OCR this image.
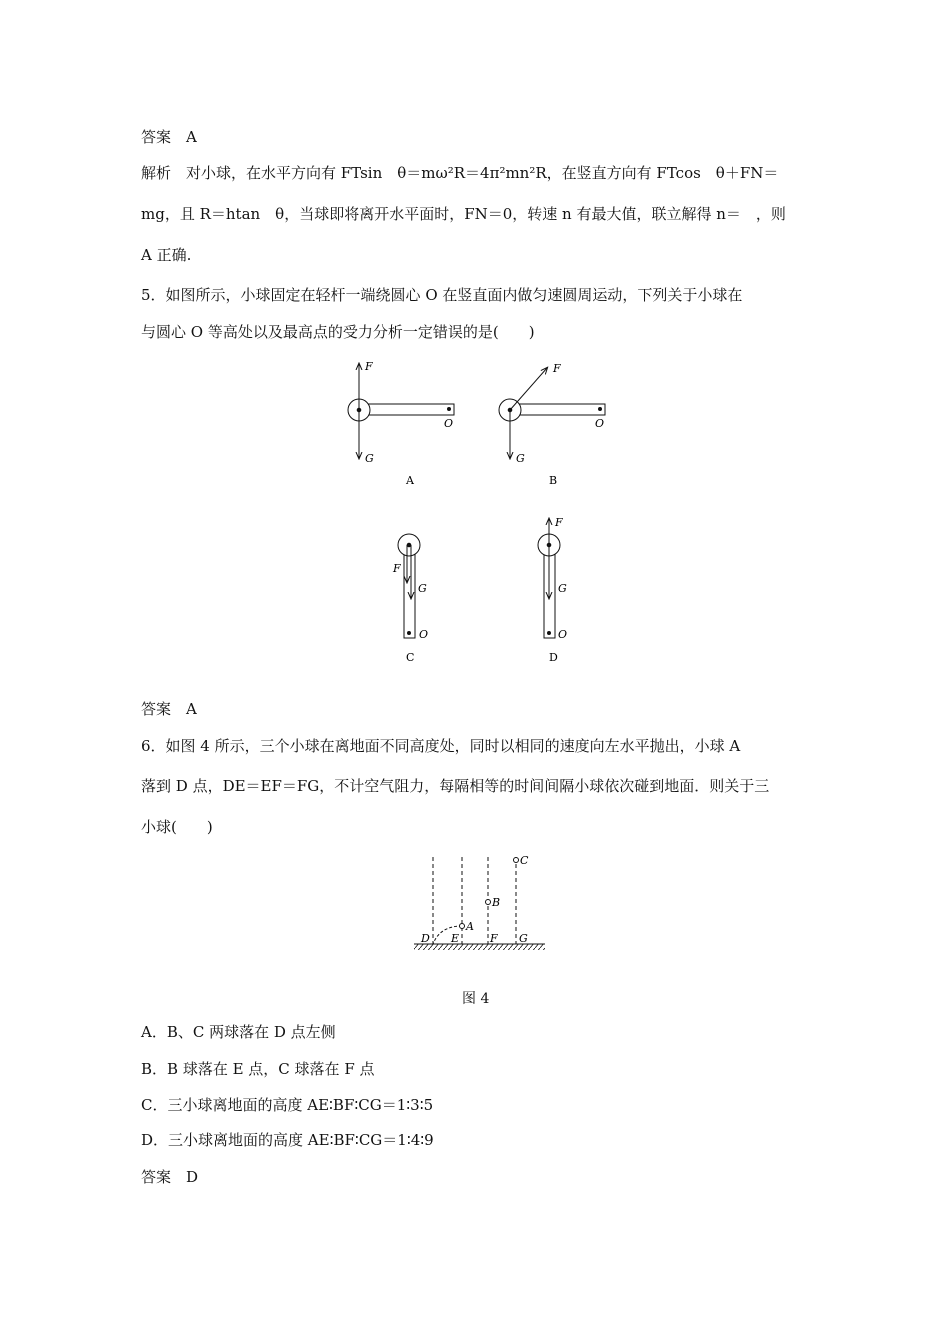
答案　A
解析　对小球，在水平方向有 FTsin　θ＝mω²R＝4π²mn²R，在竖直方向有 FTcos　θ＋FN＝
mg，且 R＝htan　θ，当球即将离开水平面时，FN＝0，转速 n 有最大值，联立解得 n＝　，则
A 正确.
5．如图所示，小球固定在轻杆一端绕圆心 O 在竖直面内做匀速圆周运动，下列关于小球在
与圆心 O 等高处以及最高点的受力分析一定错误的是(　　)
F
G
O
F
G
O
F
G
O
F
G
O
A	B
C	D
答案　A
6．如图 4 所示，三个小球在离地面不同高度处，同时以相同的速度向左水平抛出，小球 A
落到 D 点，DE＝EF＝FG，不计空气阻力，每隔相等的时间间隔小球依次碰到地面．则关于三
小球(　　)
A
B
C
D E	F G
图 4
A．B、C 两球落在 D 点左侧
B．B 球落在 E 点，C 球落在 F 点
C．三小球离地面的高度 AE∶BF∶CG＝1∶3∶5
D．三小球离地面的高度 AE∶BF∶CG＝1∶4∶9
答案　D
